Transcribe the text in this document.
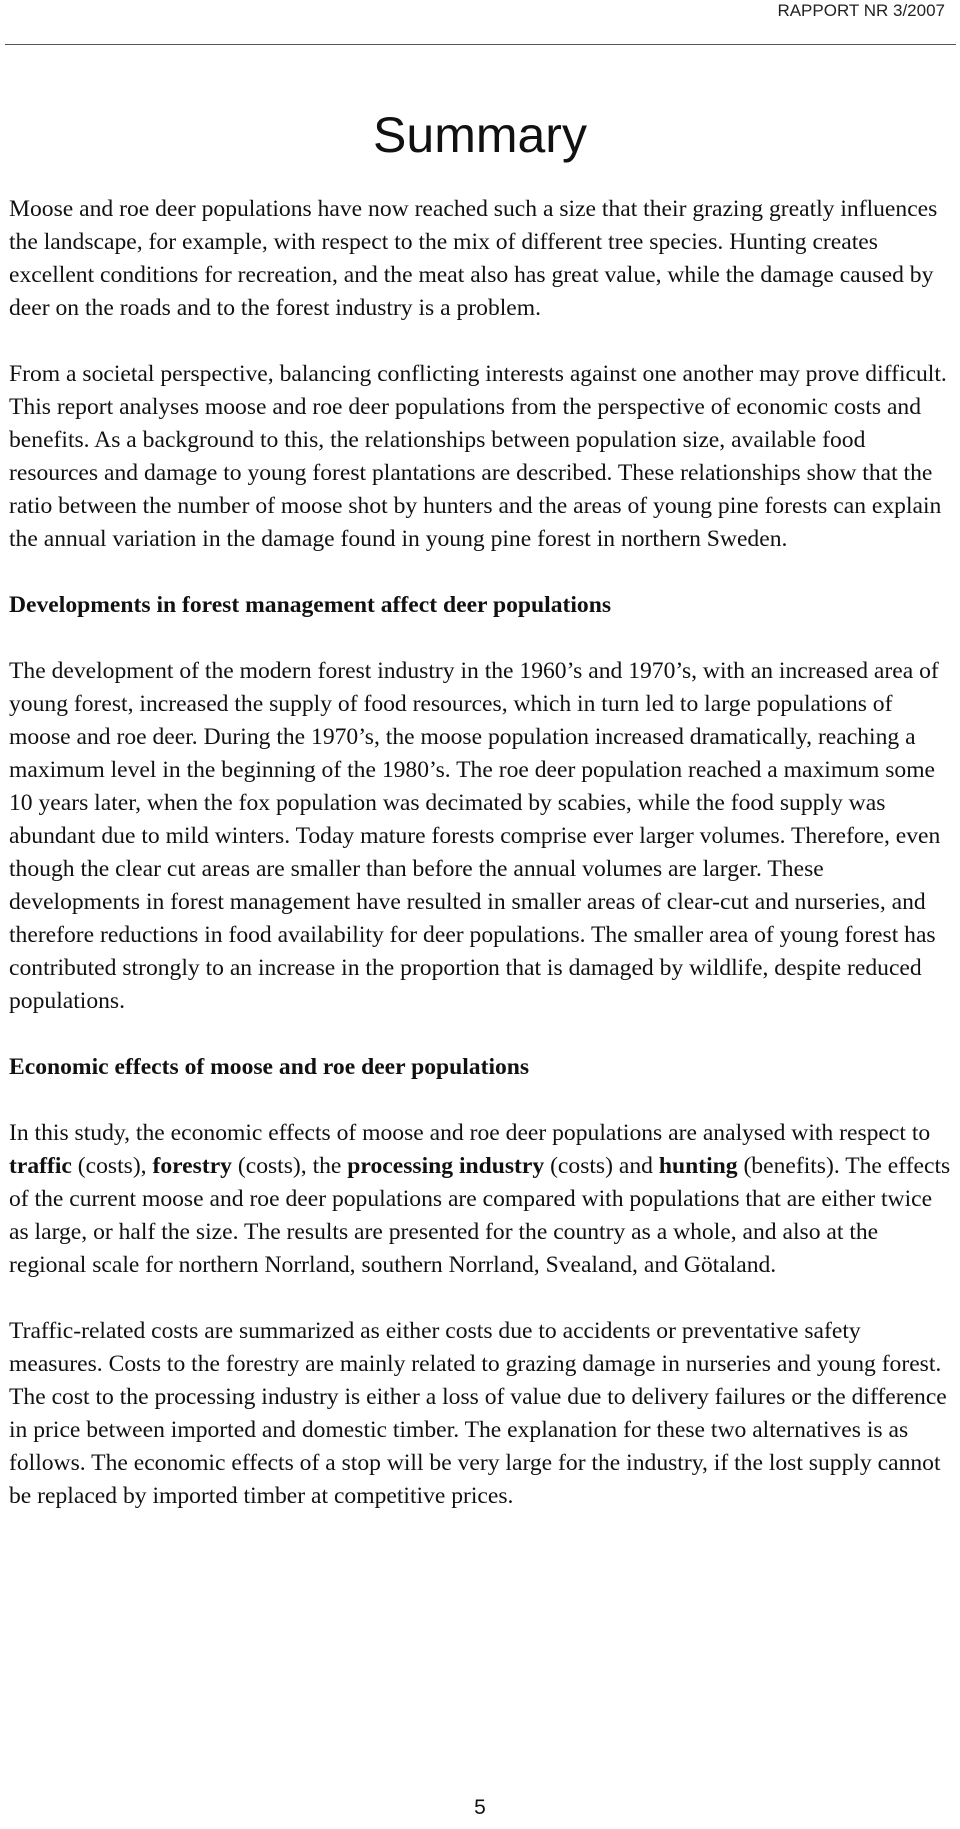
RAPPORT NR 3/2007
Summary

Moose and roe deer populations have now reached such a size that their grazing greatly influences the landscape, for example, with respect to the mix of different tree species. Hunting creates excellent conditions for recreation, and the meat also has great value, while the damage caused by deer on the roads and to the forest industry is a problem.

From a societal perspective, balancing conflicting interests against one another may prove difficult. This report analyses moose and roe deer populations from the perspective of economic costs and benefits. As a background to this, the relationships between population size, available food resources and damage to young forest plantations are described. These relationships show that the ratio between the number of moose shot by hunters and the areas of young pine forests can explain the annual variation in the damage found in young pine forest in northern Sweden.

Developments in forest management affect deer populations

The development of the modern forest industry in the 1960’s and 1970’s, with an increased area of young forest, increased the supply of food resources, which in turn led to large populations of moose and roe deer. During the 1970’s, the moose population increased dramatically, reaching a maximum level in the beginning of the 1980’s. The roe deer population reached a maximum some 10 years later, when the fox population was decimated by scabies, while the food supply was abundant due to mild winters. Today mature forests comprise ever larger volumes. Therefore, even though the clear cut areas are smaller than before the annual volumes are larger. These developments in forest management have resulted in smaller areas of clear-cut and nurseries, and therefore reductions in food availability for deer populations. The smaller area of young forest has contributed strongly to an increase in the proportion that is damaged by wildlife, despite reduced populations.

Economic effects of moose and roe deer populations

In this study, the economic effects of moose and roe deer populations are analysed with respect to traffic (costs), forestry (costs), the processing industry (costs) and hunting (benefits). The effects of the current moose and roe deer populations are compared with populations that are either twice as large, or half the size. The results are presented for the country as a whole, and also at the regional scale for northern Norrland, southern Norrland, Svealand, and Götaland.

Traffic-related costs are summarized as either costs due to accidents or preventative safety measures. Costs to the forestry are mainly related to grazing damage in nurseries and young forest. The cost to the processing industry is either a loss of value due to delivery failures or the difference in price between imported and domestic timber. The explanation for these two alternatives is as follows. The economic effects of a stop will be very large for the industry, if the lost supply cannot be replaced by imported timber at competitive prices.

5
